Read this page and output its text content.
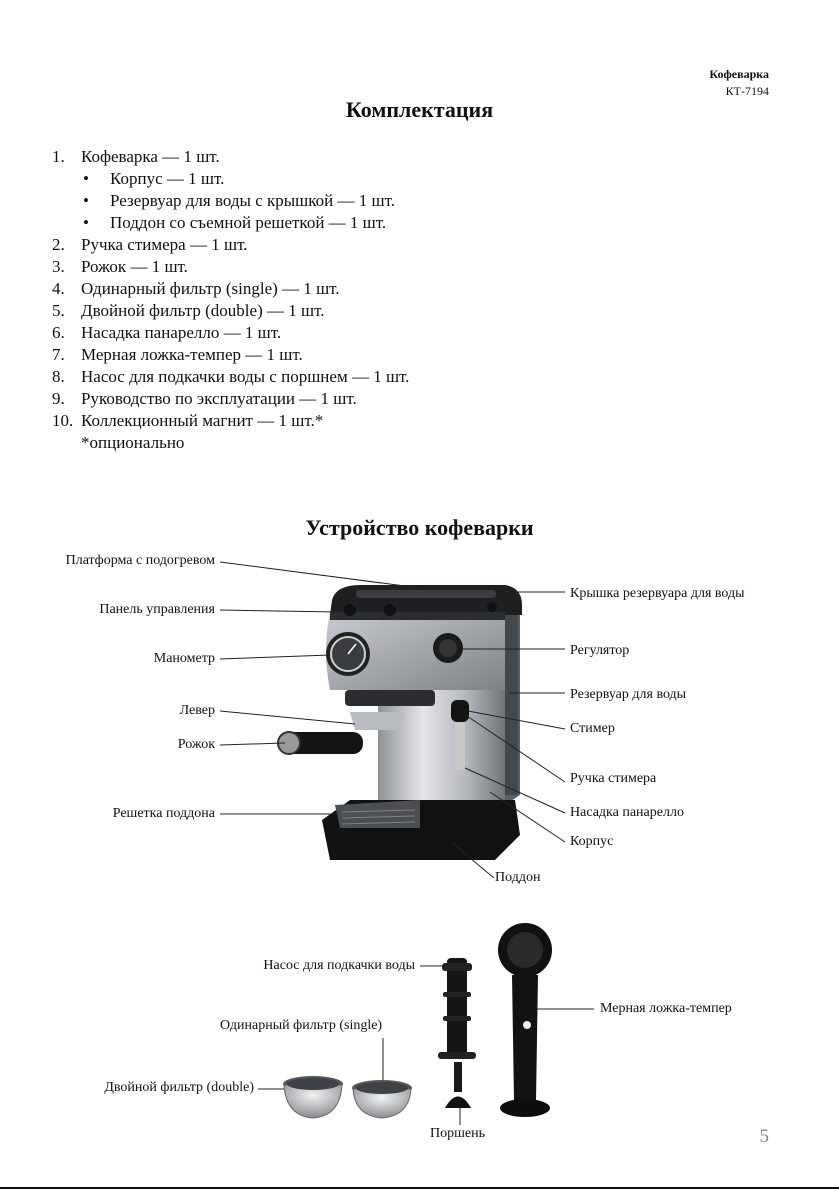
Кофеварка
КТ-7194
Комплектация
1. Кофеварка — 1 шт.
• Корпус — 1 шт.
• Резервуар для воды с крышкой — 1 шт.
• Поддон со съемной решеткой — 1 шт.
2. Ручка стимера — 1 шт.
3. Рожок — 1 шт.
4. Одинарный фильтр (single) — 1 шт.
5. Двойной фильтр (double) — 1 шт.
6. Насадка панарелло — 1 шт.
7. Мерная ложка-темпер — 1 шт.
8. Насос для подкачки воды с поршнем — 1 шт.
9. Руководство по эксплуатации — 1 шт.
10. Коллекционный магнит — 1 шт.*
*опционально
Устройство кофеварки
Платформа с подогревом
Панель управления
Манометр
Левер
Рожок
Решетка поддона
Крышка резервуара для воды
Регулятор
Резервуар для воды
Стимер
Ручка стимера
Насадка панарелло
Корпус
Поддон
Насос для подкачки воды
Одинарный фильтр (single)
Двойной фильтр (double)
Поршень
Мерная ложка-темпер
5
